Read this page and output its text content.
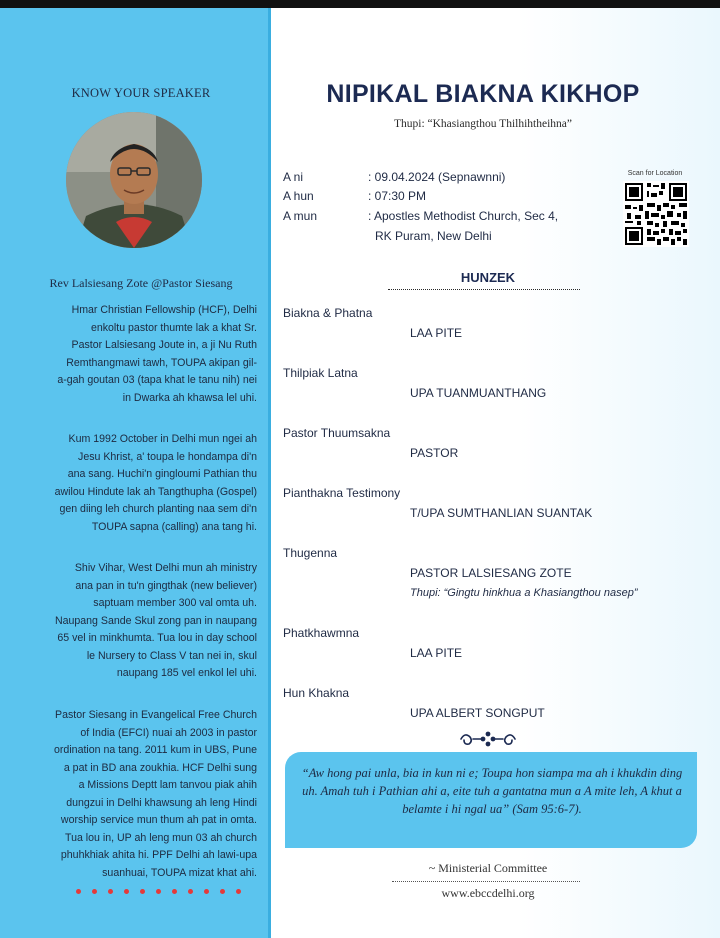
KNOW YOUR SPEAKER
Rev Lalsiesang Zote @Pastor Siesang

Hmar Christian Fellowship (HCF), Delhi
enkoltu pastor thumte lak a khat Sr.
Pastor Lalsiesang Joute in, a ji Nu Ruth
Remthangmawi tawh, TOUPA akipan gil-
a-gah goutan 03 (tapa khat le tanu nih) nei
in Dwarka ah khawsa lel uhi.

Kum 1992 October in Delhi mun ngei ah
Jesu Khrist, a' toupa le hondampa di'n
ana sang. Huchi'n gingloumi Pathian thu
awilou Hindute lak ah Tangthupha (Gospel)
gen diing leh church planting naa sem di'n
TOUPA sapna (calling) ana tang hi.

Shiv Vihar, West Delhi mun ah ministry
ana pan in tu'n gingthak (new believer)
saptuam member 300 val omta uh.
Naupang Sande Skul zong pan in naupang
65 vel in minkhumta. Tua lou in day school
le Nursery to Class V tan nei in, skul
naupang 185 vel enkol lel uhi.

Pastor Siesang in Evangelical Free Church
of India (EFCI) nuai ah 2003 in pastor
ordination na tang. 2011 kum in UBS, Pune
a pat in BD ana zoukhia. HCF Delhi sung
a Missions Deptt lam tanvou piak ahih
dungzui in Delhi khawsung ah leng Hindi
worship service mun thum ah pat in omta.
Tua lou in, UP ah leng mun 03 ah church
phuhkhiak ahita hi. PPF Delhi ah lawi-upa
suanhuai, TOUPA mizat khat ahi.

NIPIKAL BIAKNA KIKHOP
Thupi: “Khasiangthou Thilhihtheihna”
A ni	: 09.04.2024 (Sepnawnni)
A hun	: 07:30 PM
A mun	: Apostles Methodist Church, Sec 4,
RK Puram, New Delhi
Scan for Location
HUNZEK
Biakna & Phatna
LAA PITE
Thilpiak Latna
UPA TUANMUANTHANG
Pastor Thuumsakna
PASTOR
Pianthakna Testimony
T/UPA SUMTHANLIAN SUANTAK
Thugenna
PASTOR LALSIESANG ZOTE
Thupi: “Gingtu hinkhua a Khasiangthou nasep”
Phatkhawmna
LAA PITE
Hun Khakna
UPA ALBERT SONGPUT

“Aw hong pai unla, bia in kun ni e; Toupa hon siampa ma ah i khukdin ding uh. Amah tuh i Pathian ahi a, eite tuh a gantatna mun a A mite leh, A khut a belamte i hi ngal ua” (Sam 95:6-7).

~ Ministerial Committee
www.ebccdelhi.org
